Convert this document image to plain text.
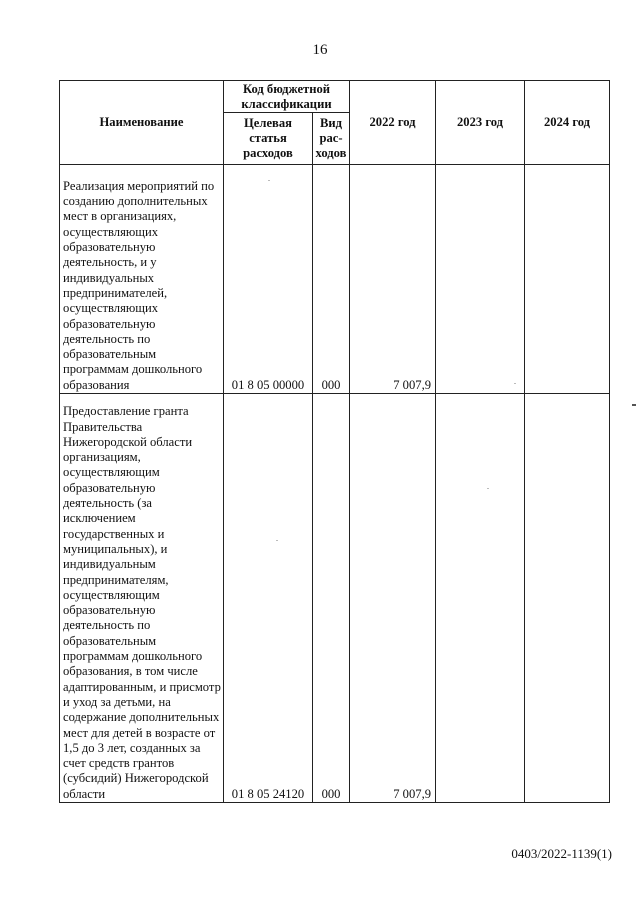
16
Наименование	Код бюджетной классификации		2022 год	2023 год	2024 год
	Целевая статья расходов	Вид рас-ходов			
Реализация мероприятий по созданию дополнительных мест в организациях, осуществляющих образовательную деятельность, и у индивидуальных предпринимателей, осуществляющих образовательную деятельность по образовательным программам дошкольного образования	01 8 05 00000	000	7 007,9		
Предоставление гранта Правительства Нижегородской области организациям, осуществляющим образовательную деятельность (за исключением государственных и муниципальных), и индивидуальным предпринимателям, осуществляющим образовательную деятельность по образовательным программам дошкольного образования, в том числе адаптированным, и присмотр и уход за детьми, на содержание дополнительных мест для детей в возрасте от 1,5 до 3 лет, созданных за счет средств грантов (субсидий) Нижегородской области	01 8 05 24120	000	7 007,9		
0403/2022-1139(1)
